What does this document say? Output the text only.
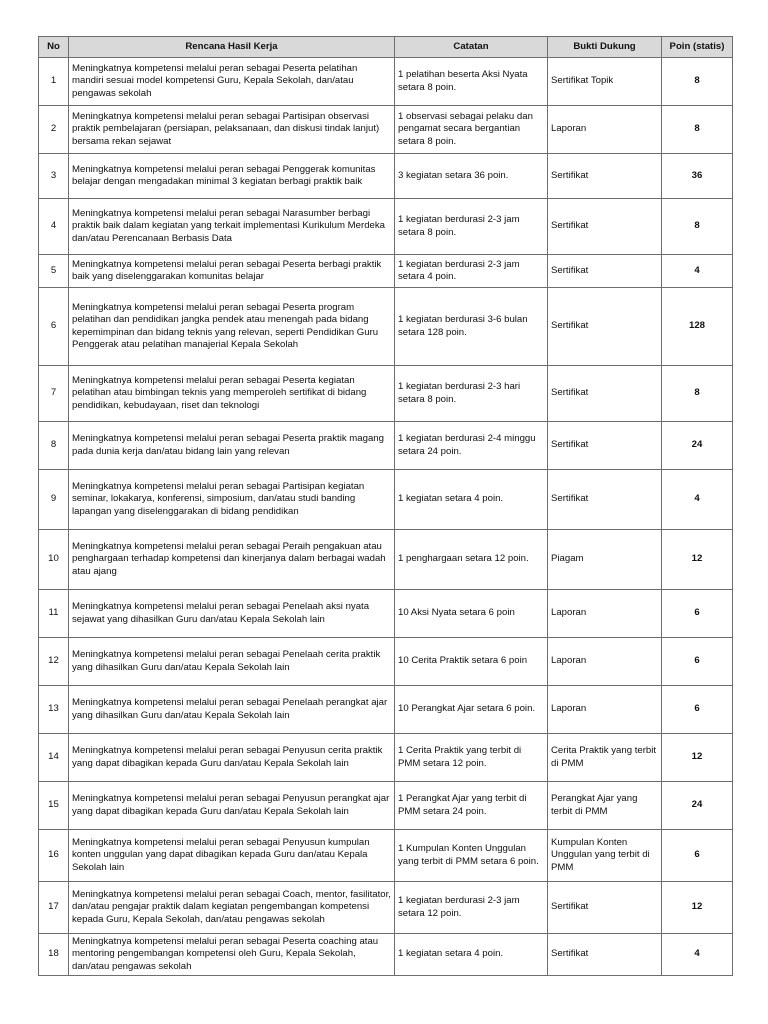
No	Rencana Hasil Kerja	Catatan	Bukti Dukung	Poin (statis)
1	Meningkatnya kompetensi melalui peran sebagai Peserta pelatihan mandiri sesuai model kompetensi Guru, Kepala Sekolah, dan/atau pengawas sekolah	1 pelatihan beserta Aksi Nyata setara 8 poin.	Sertifikat Topik	8
2	Meningkatnya kompetensi melalui peran sebagai Partisipan observasi praktik pembelajaran (persiapan, pelaksanaan, dan diskusi tindak lanjut) bersama rekan sejawat	1 observasi sebagai pelaku dan pengamat secara bergantian setara 8 poin.	Laporan	8
3	Meningkatnya kompetensi melalui peran sebagai Penggerak komunitas belajar dengan mengadakan minimal 3 kegiatan berbagi praktik baik	3 kegiatan setara 36 poin.	Sertifikat	36
4	Meningkatnya kompetensi melalui peran sebagai Narasumber berbagi praktik baik dalam kegiatan yang terkait implementasi Kurikulum Merdeka dan/atau Perencanaan Berbasis Data	1 kegiatan berdurasi 2-3 jam setara 8 poin.	Sertifikat	8
5	Meningkatnya kompetensi melalui peran sebagai Peserta berbagi praktik baik yang diselenggarakan komunitas belajar	1 kegiatan berdurasi 2-3 jam setara 4 poin.	Sertifikat	4
6	Meningkatnya kompetensi melalui peran sebagai Peserta program pelatihan dan pendidikan jangka pendek atau menengah pada bidang kepemimpinan dan bidang teknis yang relevan, seperti Pendidikan Guru Penggerak atau pelatihan manajerial Kepala Sekolah	1 kegiatan berdurasi 3-6 bulan setara 128 poin.	Sertifikat	128
7	Meningkatnya kompetensi melalui peran sebagai Peserta kegiatan pelatihan atau bimbingan teknis yang memperoleh sertifikat di bidang pendidikan, kebudayaan, riset dan teknologi	1 kegiatan berdurasi 2-3 hari setara 8 poin.	Sertifikat	8
8	Meningkatnya kompetensi melalui peran sebagai Peserta praktik magang pada dunia kerja dan/atau bidang lain yang relevan	1 kegiatan berdurasi 2-4 minggu setara 24 poin.	Sertifikat	24
9	Meningkatnya kompetensi melalui peran sebagai Partisipan kegiatan seminar, lokakarya, konferensi, simposium, dan/atau studi banding lapangan yang diselenggarakan di bidang pendidikan	1 kegiatan setara 4 poin.	Sertifikat	4
10	Meningkatnya kompetensi melalui peran sebagai Peraih pengakuan atau penghargaan terhadap kompetensi dan kinerjanya dalam berbagai wadah atau ajang	1 penghargaan setara 12 poin.	Piagam	12
11	Meningkatnya kompetensi melalui peran sebagai Penelaah aksi nyata sejawat yang dihasilkan Guru dan/atau Kepala Sekolah lain	10 Aksi Nyata setara 6 poin	Laporan	6
12	Meningkatnya kompetensi melalui peran sebagai Penelaah cerita praktik yang dihasilkan Guru dan/atau Kepala Sekolah lain	10 Cerita Praktik setara 6 poin	Laporan	6
13	Meningkatnya kompetensi melalui peran sebagai Penelaah perangkat ajar yang dihasilkan Guru dan/atau Kepala Sekolah lain	10 Perangkat Ajar setara 6 poin.	Laporan	6
14	Meningkatnya kompetensi melalui peran sebagai Penyusun cerita praktik yang dapat dibagikan kepada Guru dan/atau Kepala Sekolah lain	1 Cerita Praktik yang terbit di PMM setara 12 poin.	Cerita Praktik yang terbit di PMM	12
15	Meningkatnya kompetensi melalui peran sebagai Penyusun perangkat ajar yang dapat dibagikan kepada Guru dan/atau Kepala Sekolah lain	1 Perangkat Ajar yang terbit di PMM setara 24 poin.	Perangkat Ajar yang terbit di PMM	24
16	Meningkatnya kompetensi melalui peran sebagai Penyusun kumpulan konten unggulan yang dapat dibagikan kepada Guru dan/atau Kepala Sekolah lain	1 Kumpulan Konten Unggulan yang terbit di PMM setara 6 poin.	Kumpulan Konten Unggulan yang terbit di PMM	6
17	Meningkatnya kompetensi melalui peran sebagai Coach, mentor, fasilitator, dan/atau pengajar praktik dalam kegiatan pengembangan kompetensi kepada Guru, Kepala Sekolah, dan/atau pengawas sekolah	1 kegiatan berdurasi 2-3 jam setara 12 poin.	Sertifikat	12
18	Meningkatnya kompetensi melalui peran sebagai Peserta coaching atau mentoring pengembangan kompetensi oleh Guru, Kepala Sekolah, dan/atau pengawas sekolah	1 kegiatan setara 4 poin.	Sertifikat	4
